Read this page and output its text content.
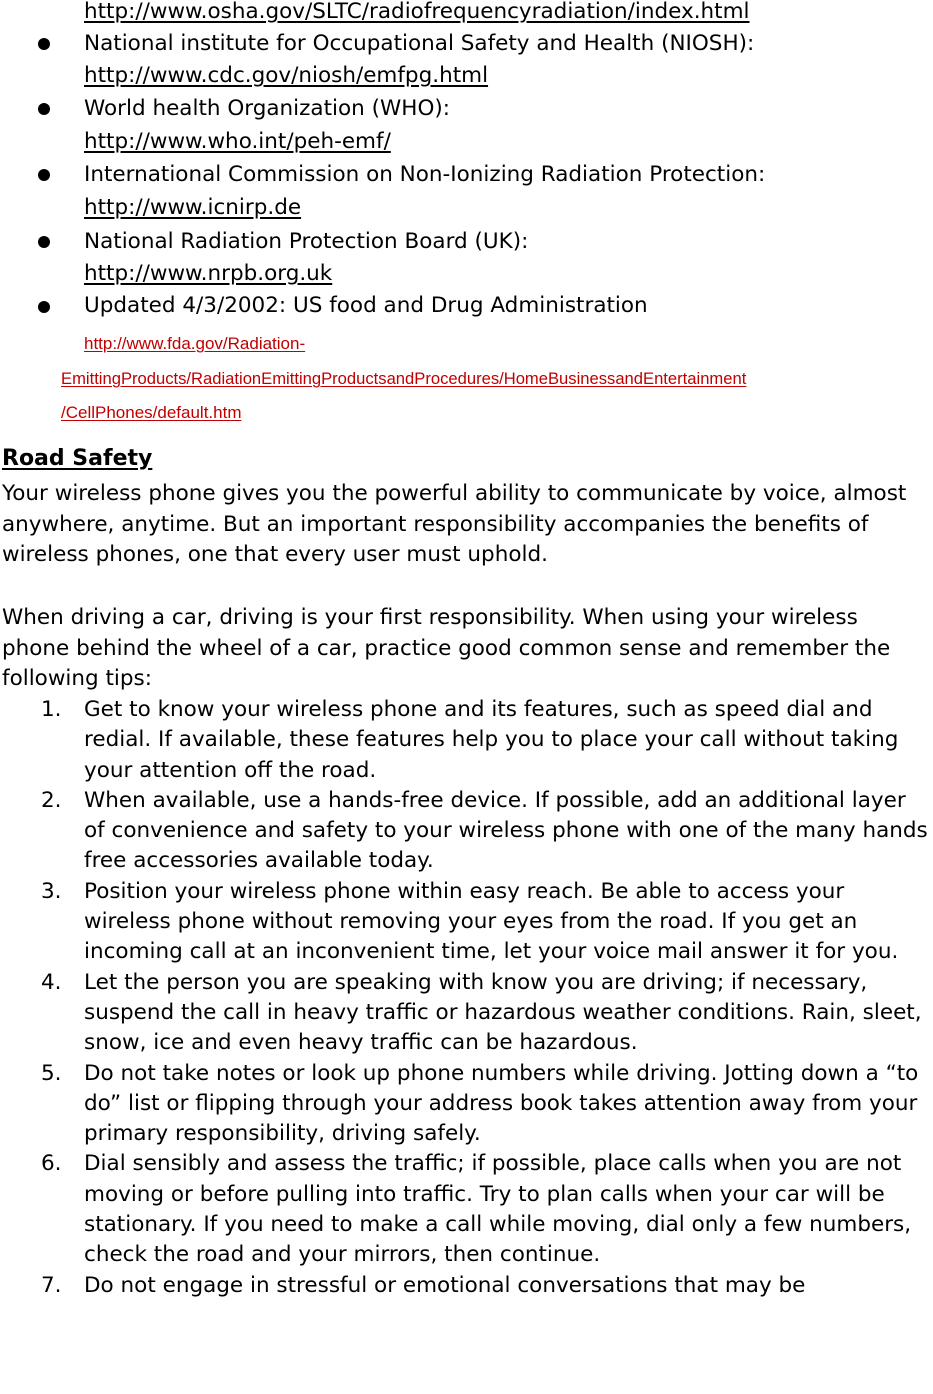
http://www.osha.gov/SLTC/radiofrequencyradiation/index.html
National institute for Occupational Safety and Health (NIOSH):
http://www.cdc.gov/niosh/emfpg.html
World health Organization (WHO):
http://www.who.int/peh-emf/
International Commission on Non-Ionizing Radiation Protection:
http://www.icnirp.de
National Radiation Protection Board (UK):
http://www.nrpb.org.uk
Updated 4/3/2002: US food and Drug Administration
http://www.fda.gov/Radiation-
EmittingProducts/RadiationEmittingProductsandProcedures/HomeBusinessandEntertainment
/CellPhones/default.htm
Road Safety

Your wireless phone gives you the powerful ability to communicate by voice, almost anywhere, anytime. But an important responsibility accompanies the benefits of wireless phones, one that every user must uphold.

When driving a car, driving is your first responsibility. When using your wireless phone behind the wheel of a car, practice good common sense and remember the following tips:

1. Get to know your wireless phone and its features, such as speed dial and redial. If available, these features help you to place your call without taking your attention off the road.
2. When available, use a hands-free device. If possible, add an additional layer of convenience and safety to your wireless phone with one of the many hands free accessories available today.
3. Position your wireless phone within easy reach. Be able to access your wireless phone without removing your eyes from the road. If you get an incoming call at an inconvenient time, let your voice mail answer it for you.
4. Let the person you are speaking with know you are driving; if necessary, suspend the call in heavy traffic or hazardous weather conditions. Rain, sleet, snow, ice and even heavy traffic can be hazardous.
5. Do not take notes or look up phone numbers while driving. Jotting down a “to do” list or flipping through your address book takes attention away from your primary responsibility, driving safely.
6. Dial sensibly and assess the traffic; if possible, place calls when you are not moving or before pulling into traffic. Try to plan calls when your car will be stationary. If you need to make a call while moving, dial only a few numbers, check the road and your mirrors, then continue.
7. Do not engage in stressful or emotional conversations that may be
